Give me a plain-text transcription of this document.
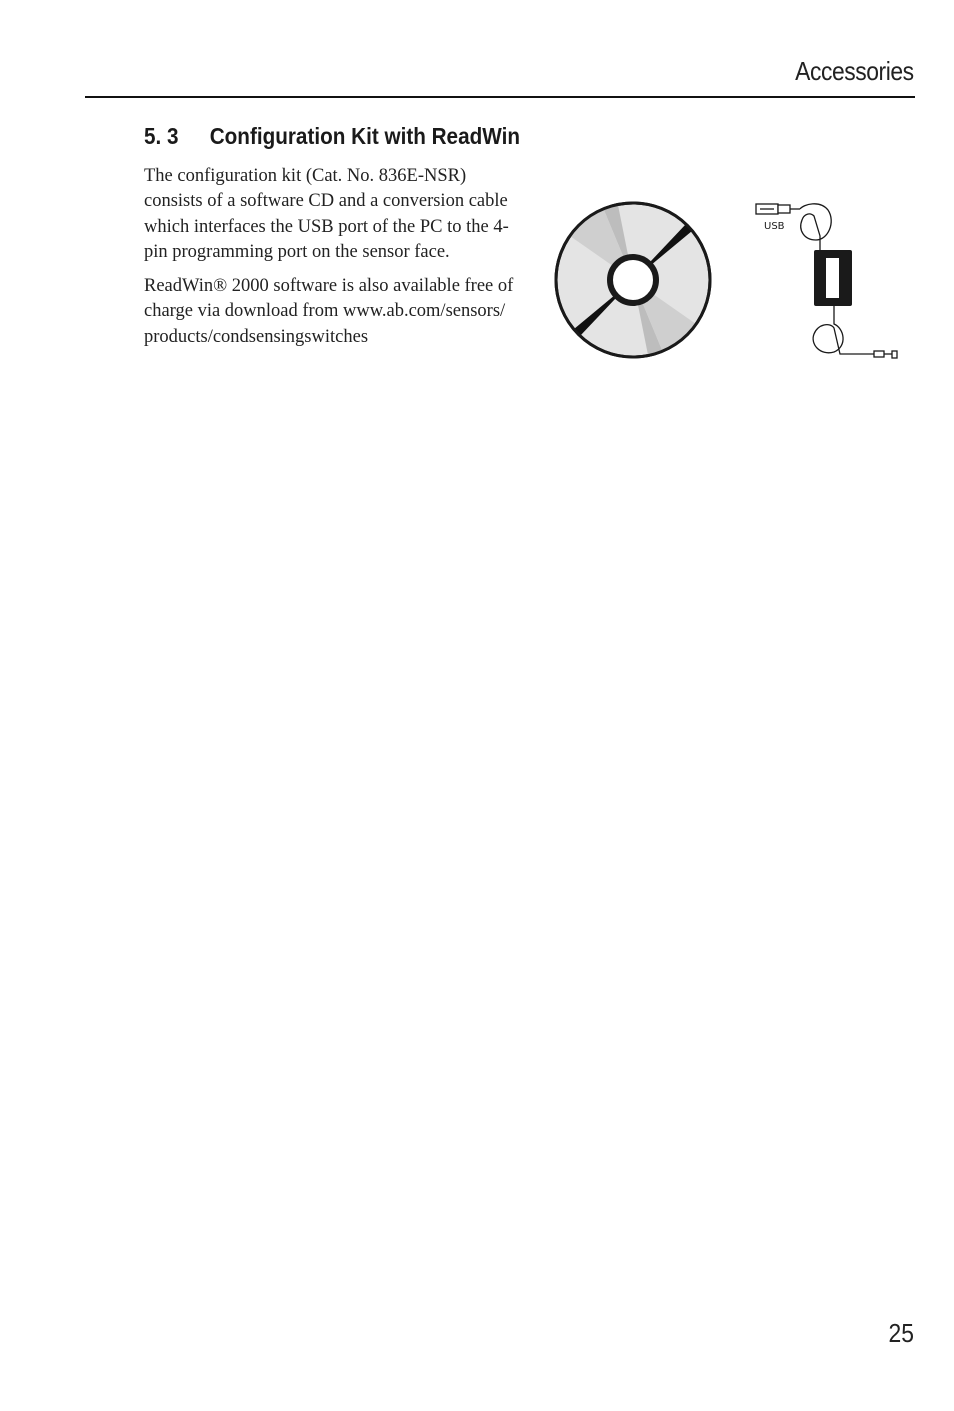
Accessories
5. 3 Configuration Kit with ReadWin

The configuration kit (Cat. No. 836E-NSR) consists of a software CD and a conversion cable which interfaces the USB port of the PC to the 4-pin programming port on the sensor face.

ReadWin® 2000 software is also available free of charge via download from www.ab.com/sensors/ products/condsensingswitches

USB
25
